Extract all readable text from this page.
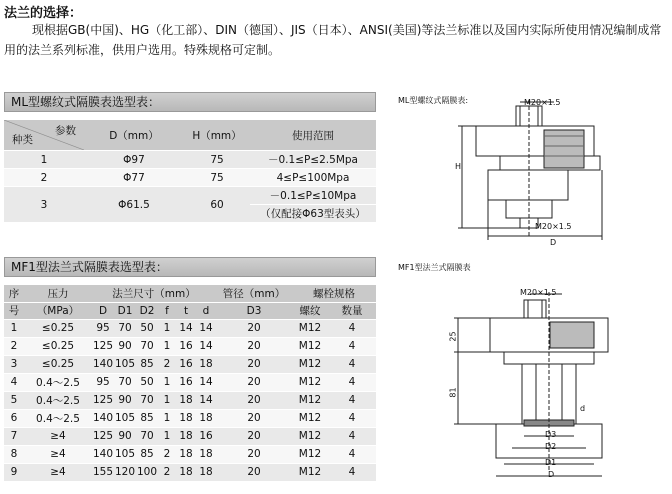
法兰的选择：
现根据GB(中国)、HG（化工部）、DIN（德国）、JIS（日本）、ANSI(美国)等法兰标准以及国内实际所使用情况编制成常用的法兰系列标准，供用户选用。特殊规格可定制。
ML型螺纹式隔膜表选型表：
参数
种类	D（mm）	H（mm）	使用范围
1	Φ97	75	－0.1≤P≤2.5Mpa
2	Φ77	75	4≤P≤100Mpa
3	Φ61.5	60	－0.1≤P≤10Mpa
			（仅配接Φ63型表头）
ML型螺纹式隔膜表:	M20×1.5
H
M20×1.5
D
MF1型法兰式隔膜表选型表：
序	压力	法兰尺寸（mm）						管径（mm）	螺栓规格	
号	（MPa）	D	D1	D2	f	t	d	D3	螺纹	数量
1	≤0.25	95	70	50	1	14	14	20	M12	4
2	≤0.25	125	90	70	1	16	14	20	M12	4
3	≤0.25	140	105	85	2	16	18	20	M12	4
4	0.4～2.5	95	70	50	1	16	14	20	M12	4
5	0.4～2.5	125	90	70	1	18	14	20	M12	4
6	0.4～2.5	140	105	85	1	18	18	20	M12	4
7	≥4	125	90	70	1	18	16	20	M12	4
8	≥4	140	105	85	2	18	18	20	M12	4
9	≥4	155	120	100	2	18	18	20	M12	4
MF1型法兰式隔膜表
M20×1.5
25
81
d
D3
D2
D1
D
